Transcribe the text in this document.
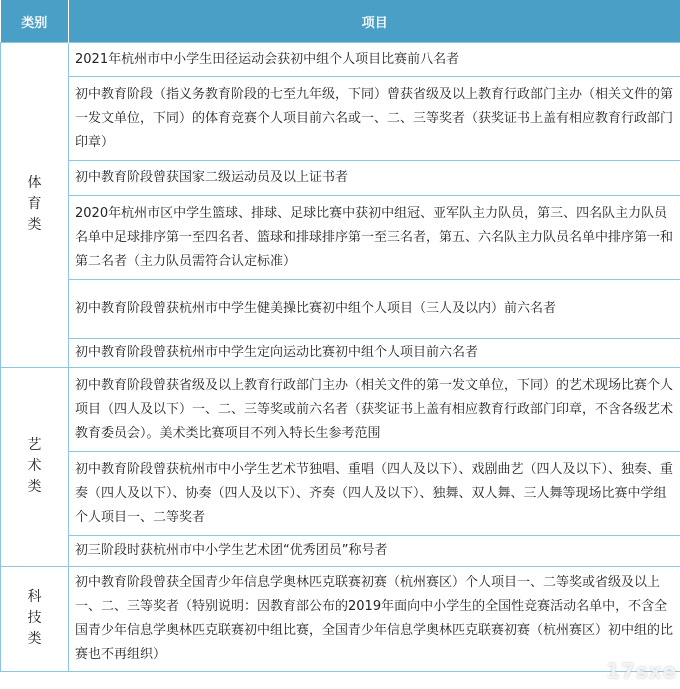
类别	项目
体育类	2021年杭州市中小学生田径运动会获初中组个人项目比赛前八名者
	初中教育阶段（指义务教育阶段的七至九年级，下同）曾获省级及以上教育行政部门主办（相关文件的第一发文单位，下同）的体育竞赛个人项目前六名或一、二、三等奖者（获奖证书上盖有相应教育行政部门印章）
	初中教育阶段曾获国家二级运动员及以上证书者
	2020年杭州市区中学生篮球、排球、足球比赛中获初中组冠、亚军队主力队员，第三、四名队主力队员名单中足球排序第一至四名者、篮球和排球排序第一至三名者，第五、六名队主力队员名单中排序第一和第二名者（主力队员需符合认定标准）
	初中教育阶段曾获杭州市中学生健美操比赛初中组个人项目（三人及以内）前六名者
	初中教育阶段曾获杭州市中学生定向运动比赛初中组个人项目前六名者
艺术类	初中教育阶段曾获省级及以上教育行政部门主办（相关文件的第一发文单位，下同）的艺术现场比赛个人项目（四人及以下）一、二、三等奖或前六名者（获奖证书上盖有相应教育行政部门印章，不含各级艺术教育委员会）。美术类比赛项目不列入特长生参考范围
	初中教育阶段曾获杭州市中小学生艺术节独唱、重唱（四人及以下）、戏剧曲艺（四人及以下）、独奏、重奏（四人及以下）、协奏（四人及以下）、齐奏（四人及以下）、独舞、双人舞、三人舞等现场比赛中学组个人项目一、二等奖者
	初三阶段时获杭州市中小学生艺术团“优秀团员”称号者
科技类	初中教育阶段曾获全国青少年信息学奥林匹克联赛初赛（杭州赛区）个人项目一、二等奖或省级及以上一、二、三等奖者（特别说明：因教育部公布的2019年面向中小学生的全国性竞赛活动名单中，不含全国青少年信息学奥林匹克联赛初中组比赛，全国青少年信息学奥林匹克联赛初赛（杭州赛区）初中组的比赛也不再组织）
17sxe
